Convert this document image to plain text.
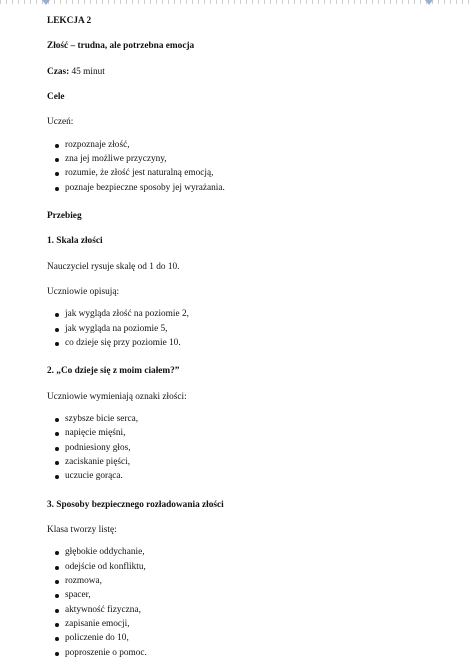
LEKCJA 2

Złość – trudna, ale potrzebna emocja

Czas: 45 minut

Cele

Uczeń:

rozpoznaje złość,
zna jej możliwe przyczyny,
rozumie, że złość jest naturalną emocją,
poznaje bezpieczne sposoby jej wyrażania.

Przebieg

1. Skala złości

Nauczyciel rysuje skalę od 1 do 10.

Uczniowie opisują:

jak wygląda złość na poziomie 2,
jak wygląda na poziomie 5,
co dzieje się przy poziomie 10.

2. „Co dzieje się z moim ciałem?”

Uczniowie wymieniają oznaki złości:

szybsze bicie serca,
napięcie mięśni,
podniesiony głos,
zaciskanie pięści,
uczucie gorąca.

3. Sposoby bezpiecznego rozładowania złości

Klasa tworzy listę:

głębokie oddychanie,
odejście od konfliktu,
rozmowa,
spacer,
aktywność fizyczna,
zapisanie emocji,
policzenie do 10,
poproszenie o pomoc.
